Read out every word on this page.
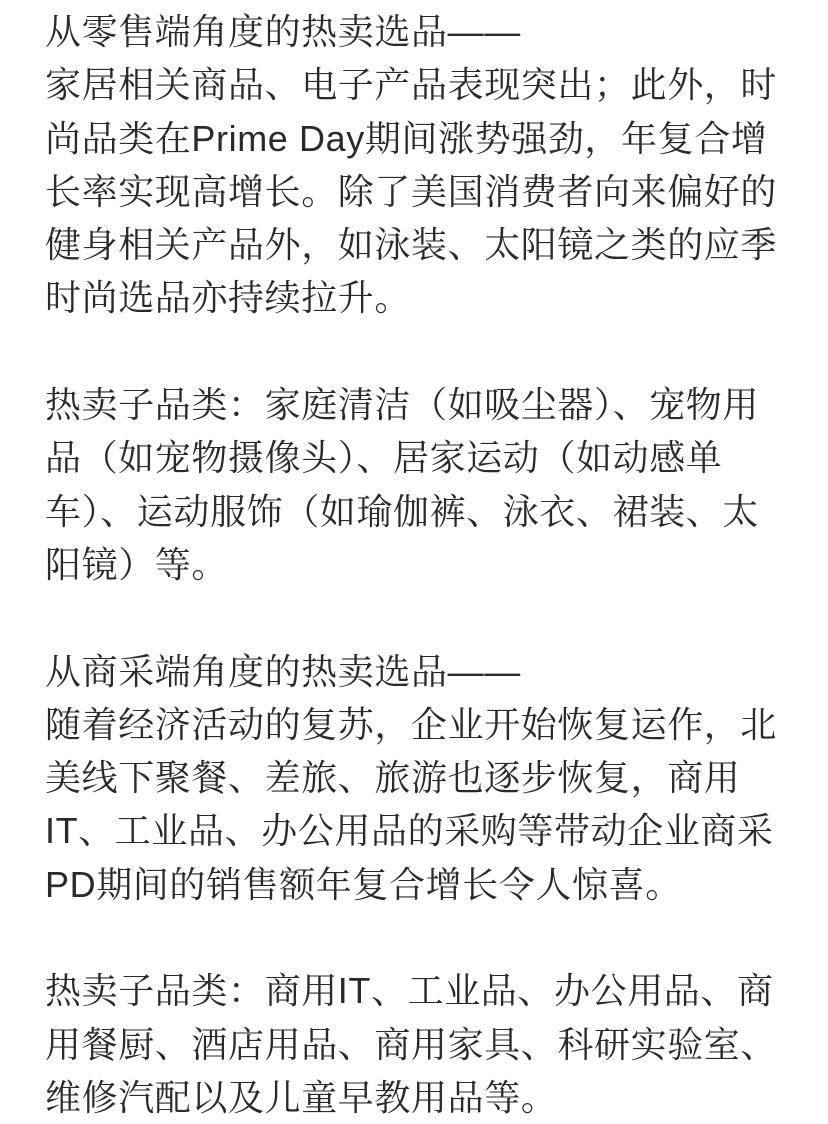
从零售端角度的热卖选品——
家居相关商品、电子产品表现突出；此外，时
尚品类在Prime Day期间涨势强劲，年复合增
长率实现高增长。除了美国消费者向来偏好的
健身相关产品外，如泳装、太阳镜之类的应季
时尚选品亦持续拉升。
热卖子品类：家庭清洁（如吸尘器）、宠物用
品（如宠物摄像头）、居家运动（如动感单
车）、运动服饰（如瑜伽裤、泳衣、裙装、太
阳镜）等。
从商采端角度的热卖选品——
随着经济活动的复苏，企业开始恢复运作，北
美线下聚餐、差旅、旅游也逐步恢复，商用
IT、工业品、办公用品的采购等带动企业商采
PD期间的销售额年复合增长令人惊喜。
热卖子品类：商用IT、工业品、办公用品、商
用餐厨、酒店用品、商用家具、科研实验室、
维修汽配以及儿童早教用品等。
